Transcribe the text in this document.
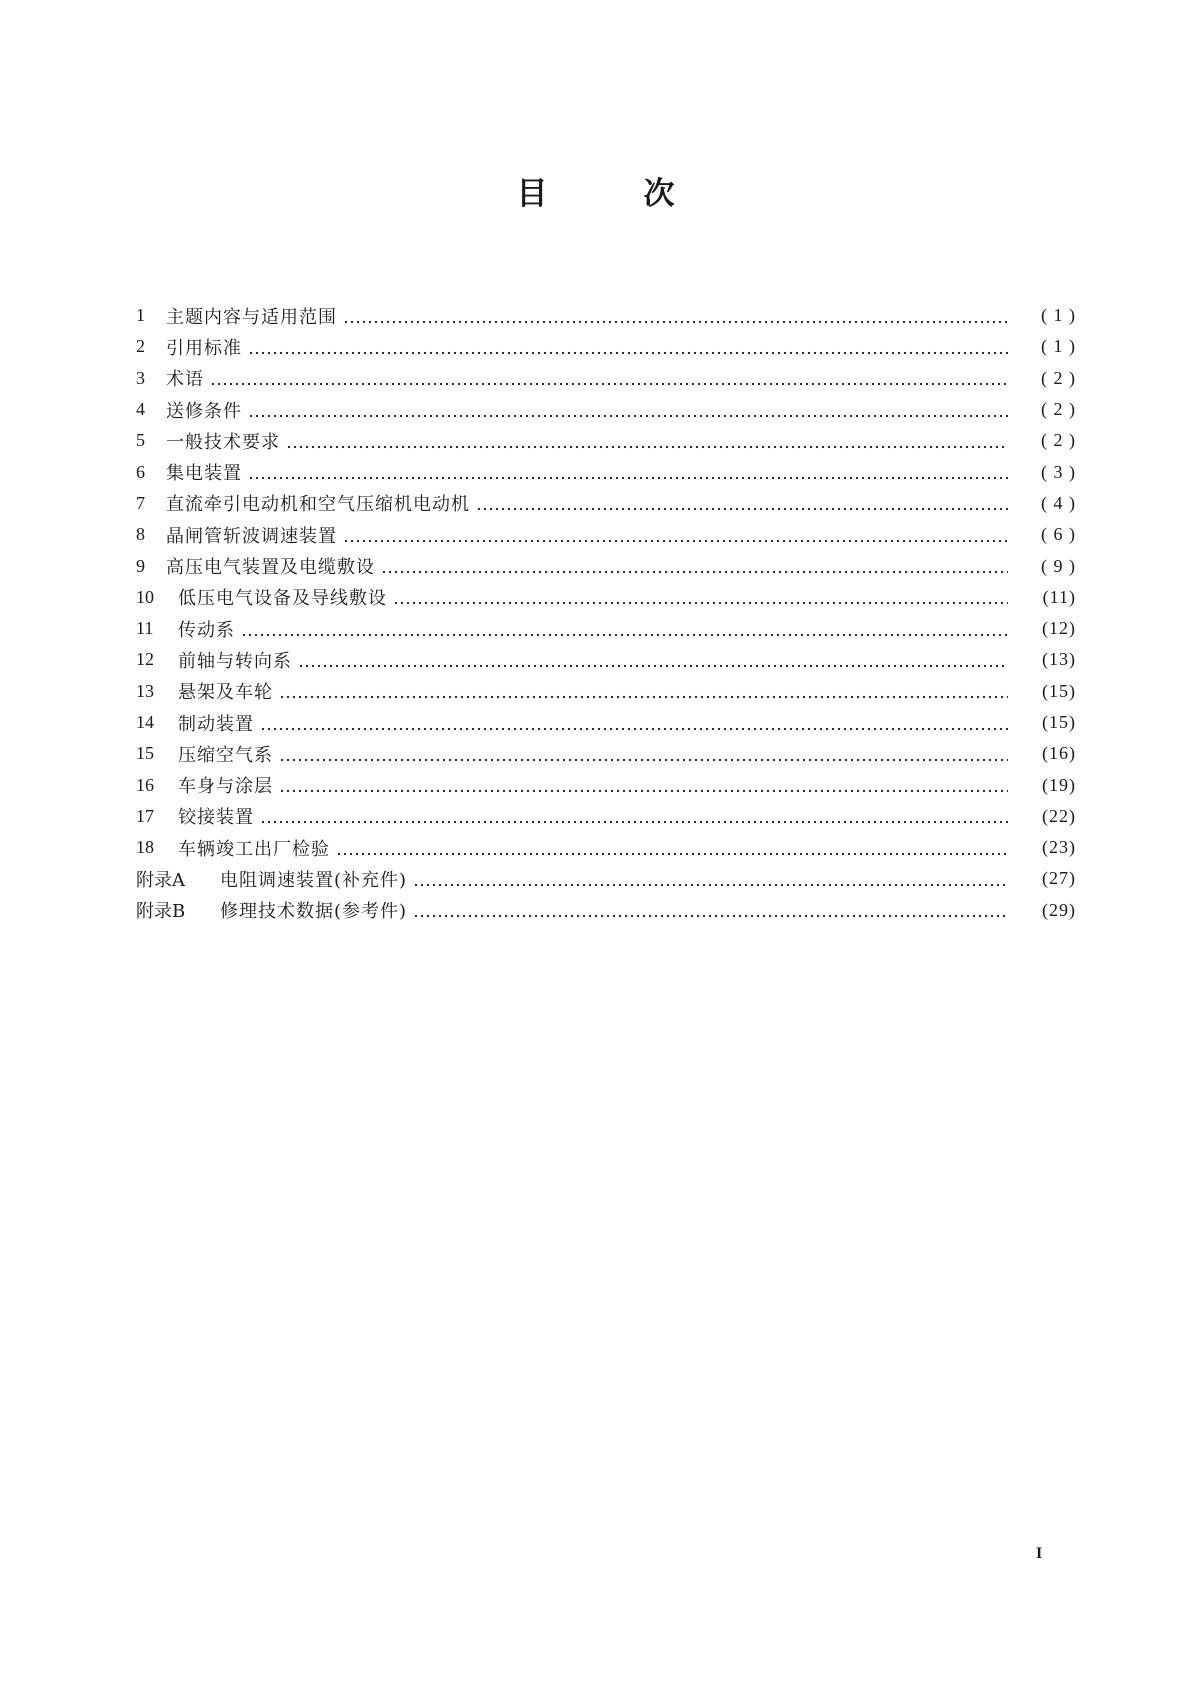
目	次
1	主题内容与适用范围	( 1 )
2	引用标准	( 1 )
3	术语	( 2 )
4	送修条件	( 2 )
5	一般技术要求	( 2 )
6	集电装置	( 3 )
7	直流牵引电动机和空气压缩机电动机	( 4 )
8	晶闸管斩波调速装置	( 6 )
9	高压电气装置及电缆敷设	( 9 )
10	低压电气设备及导线敷设	(11)
11	传动系	(12)
12	前轴与转向系	(13)
13	悬架及车轮	(15)
14	制动装置	(15)
15	压缩空气系	(16)
16	车身与涂层	(19)
17	铰接装置	(22)
18	车辆竣工出厂检验	(23)
附录A	电阻调速装置(补充件)	(27)
附录B	修理技术数据(参考件)	(29)
I
